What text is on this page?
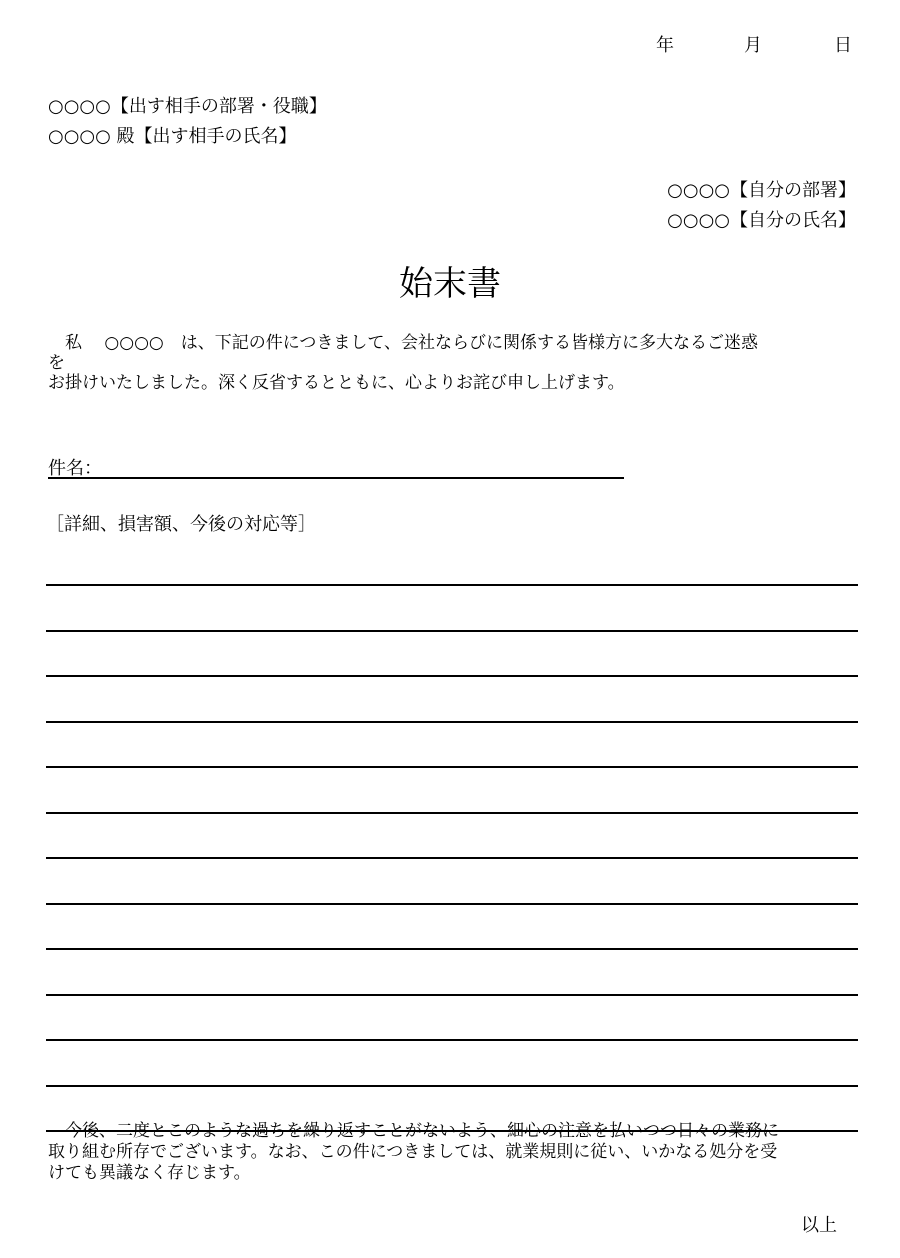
年	月	日
○○○○【出す相手の部署・役職】
○○○○ 殿【出す相手の氏名】
○○○○【自分の部署】
○○○○【自分の氏名】
始末書
　私　 ○○○○　は、下記の件につきまして、会社ならびに関係する皆様方に多大なるご迷惑
を
お掛けいたしました。深く反省するとともに、心よりお詫び申し上げます。
件名：
［詳細、損害額、今後の対応等］
　今後、二度とこのような過ちを繰り返すことがないよう、細心の注意を払いつつ日々の業務に
取り組む所存でございます。なお、この件につきましては、就業規則に従い、いかなる処分を受
けても異議なく存じます。
以上
